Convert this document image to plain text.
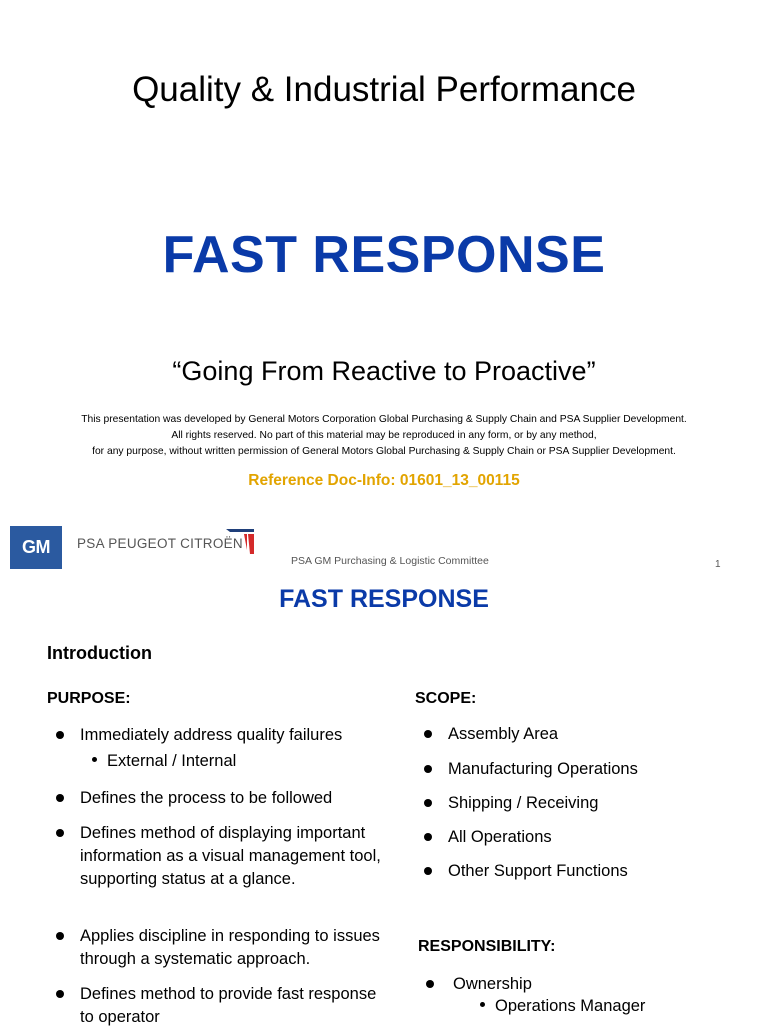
Quality & Industrial Performance
FAST RESPONSE
“Going From Reactive to Proactive”
This presentation was developed by General Motors Corporation Global Purchasing & Supply Chain and PSA Supplier Development.
All rights reserved. No part of this material may be reproduced in any form, or by any method,
for any purpose, without written permission of General Motors Global Purchasing & Supply Chain or PSA Supplier Development.
Reference Doc-Info: 01601_13_00115
GM	PSA PEUGEOT CITROËN
PSA GM Purchasing & Logistic Committee	1
FAST RESPONSE
Introduction
PURPOSE:
Immediately address quality failures
External / Internal
Defines the process to be followed
Defines method of displaying important information as a visual management tool, supporting status at a glance.
Applies discipline in responding to issues through a systematic approach.
Defines method to provide fast response to operator
SCOPE:
Assembly Area
Manufacturing Operations
Shipping / Receiving
All Operations
Other Support Functions
RESPONSIBILITY:
Ownership
Operations Manager
